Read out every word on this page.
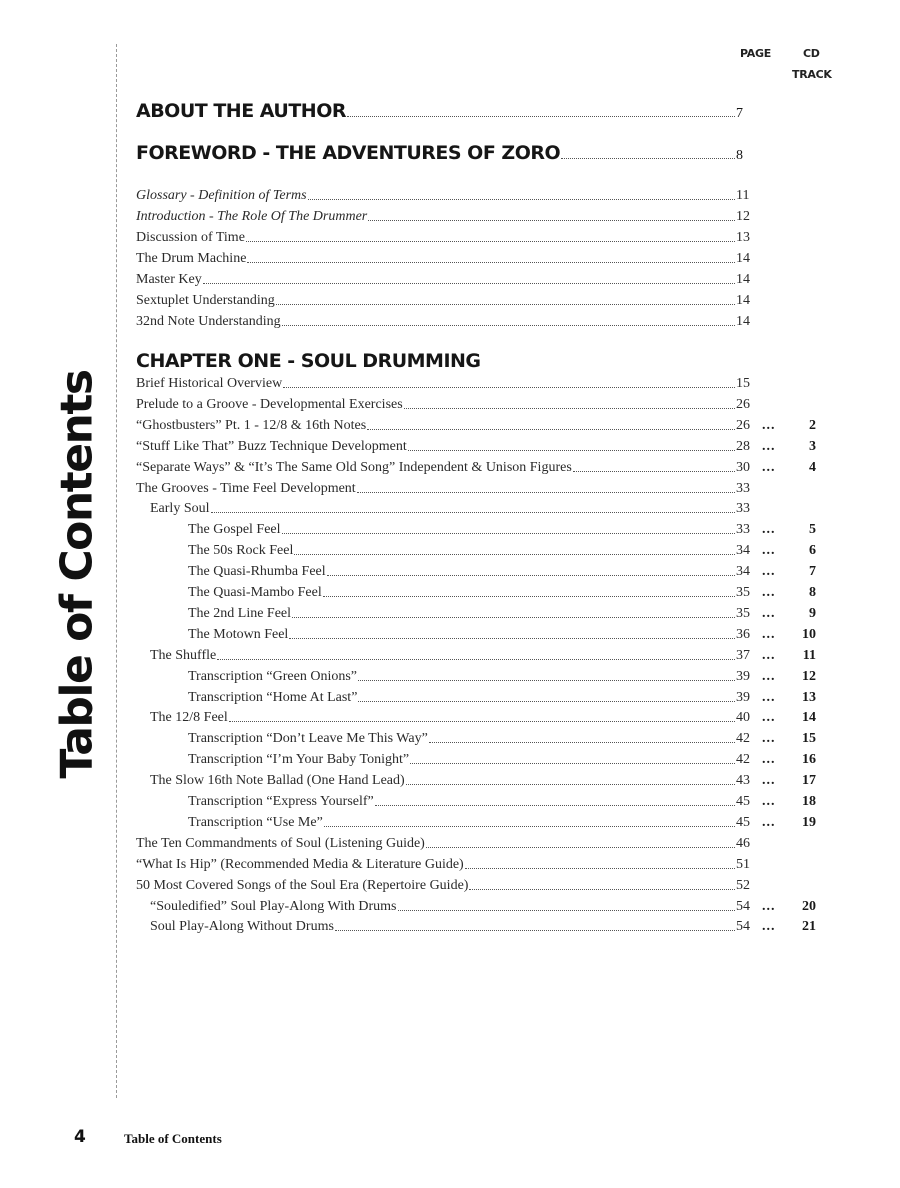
Table of Contents
PAGE	CD
TRACK
ABOUT THE AUTHOR	7
FOREWORD - THE ADVENTURES OF ZORO	8
Glossary - Definition of Terms	11
Introduction - The Role Of The Drummer	12
Discussion of Time	13
The Drum Machine	14
Master Key	14
Sextuplet Understanding	14
32nd Note Understanding	14
CHAPTER ONE - SOUL DRUMMING
Brief Historical Overview	15
Prelude to a Groove - Developmental Exercises	26
“Ghostbusters” Pt. 1 - 12/8 & 16th Notes	26 ... 2
“Stuff Like That” Buzz Technique Development	28 ... 3
“Separate Ways” & “It’s The Same Old Song” Independent & Unison Figures	30 ... 4
The Grooves - Time Feel Development	33
Early Soul	33
The Gospel Feel	33 ... 5
The 50s Rock Feel	34 ... 6
The Quasi-Rhumba Feel	34 ... 7
The Quasi-Mambo Feel	35 ... 8
The 2nd Line Feel	35 ... 9
The Motown Feel	36 ... 10
The Shuffle	37 ... 11
Transcription “Green Onions”	39 ... 12
Transcription “Home At Last”	39 ... 13
The 12/8 Feel	40 ... 14
Transcription “Don’t Leave Me This Way”	42 ... 15
Transcription “I’m Your Baby Tonight”	42 ... 16
The Slow 16th Note Ballad (One Hand Lead)	43 ... 17
Transcription “Express Yourself”	45 ... 18
Transcription “Use Me”	45 ... 19
The Ten Commandments of Soul (Listening Guide)	46
“What Is Hip” (Recommended Media & Literature Guide)	51
50 Most Covered Songs of the Soul Era (Repertoire Guide)	52
“Souledified” Soul Play-Along With Drums	54 ... 20
Soul Play-Along Without Drums	54 ... 21
4	Table of Contents
